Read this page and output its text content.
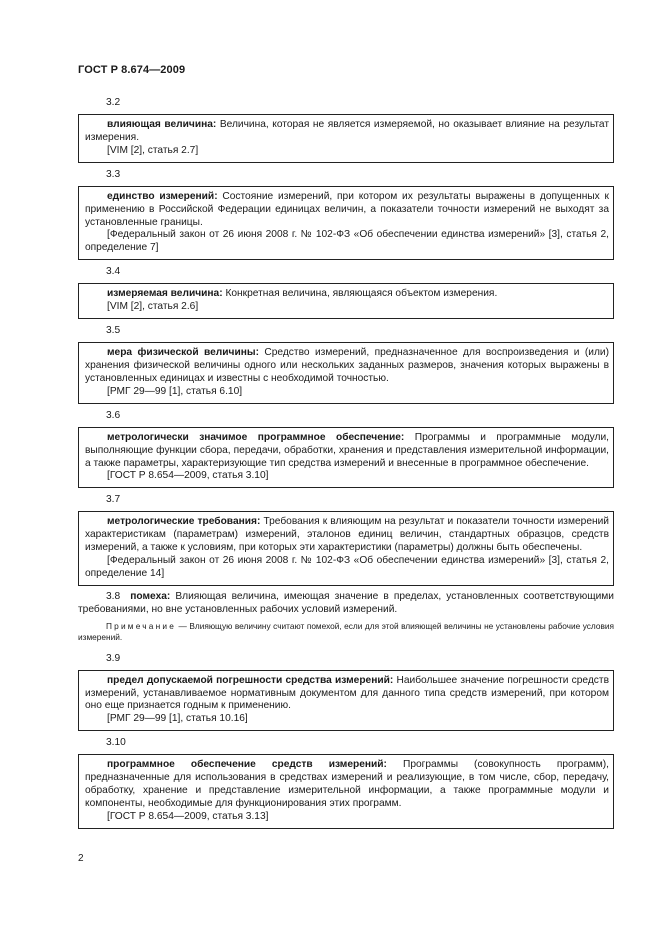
ГОСТ Р 8.674—2009
3.2

влияющая величина: Величина, которая не является измеряемой, но оказывает влияние на результат измерения.

[VIM [2], статья 2.7]

3.3

единство измерений: Состояние измерений, при котором их результаты выражены в допущенных к применению в Российской Федерации единицах величин, а показатели точности измерений не выходят за установленные границы.

[Федеральный закон от 26 июня 2008 г. № 102-ФЗ «Об обеспечении единства измерений» [3], статья 2, определение 7]

3.4

измеряемая величина: Конкретная величина, являющаяся объектом измерения.

[VIM [2], статья 2.6]

3.5

мера физической величины: Средство измерений, предназначенное для воспроизведения и (или) хранения физической величины одного или нескольких заданных размеров, значения которых выражены в установленных единицах и известны с необходимой точностью.

[РМГ 29—99 [1], статья 6.10]

3.6

метрологически значимое программное обеспечение: Программы и программные модули, выполняющие функции сбора, передачи, обработки, хранения и представления измерительной информации, а также параметры, характеризующие тип средства измерений и внесенные в программное обеспечение.

[ГОСТ Р 8.654—2009, статья 3.10]

3.7

метрологические требования: Требования к влияющим на результат и показатели точности измерений характеристикам (параметрам) измерений, эталонов единиц величин, стандартных образцов, средств измерений, а также к условиям, при которых эти характеристики (параметры) должны быть обеспечены.

[Федеральный закон от 26 июня 2008 г. № 102-ФЗ «Об обеспечении единства измерений» [3], статья 2, определение 14]

3.8 помеха: Влияющая величина, имеющая значение в пределах, установленных соответствующими требованиями, но вне установленных рабочих условий измерений.

Примечание — Влияющую величину считают помехой, если для этой влияющей величины не установлены рабочие условия измерений.

3.9

предел допускаемой погрешности средства измерений: Наибольшее значение погрешности средств измерений, устанавливаемое нормативным документом для данного типа средств измерений, при котором оно еще признается годным к применению.

[РМГ 29—99 [1], статья 10.16]

3.10

программное обеспечение средств измерений: Программы (совокупность программ), предназначенные для использования в средствах измерений и реализующие, в том числе, сбор, передачу, обработку, хранение и представление измерительной информации, а также программные модули и компоненты, необходимые для функционирования этих программ.

[ГОСТ Р 8.654—2009, статья 3.13]

2
